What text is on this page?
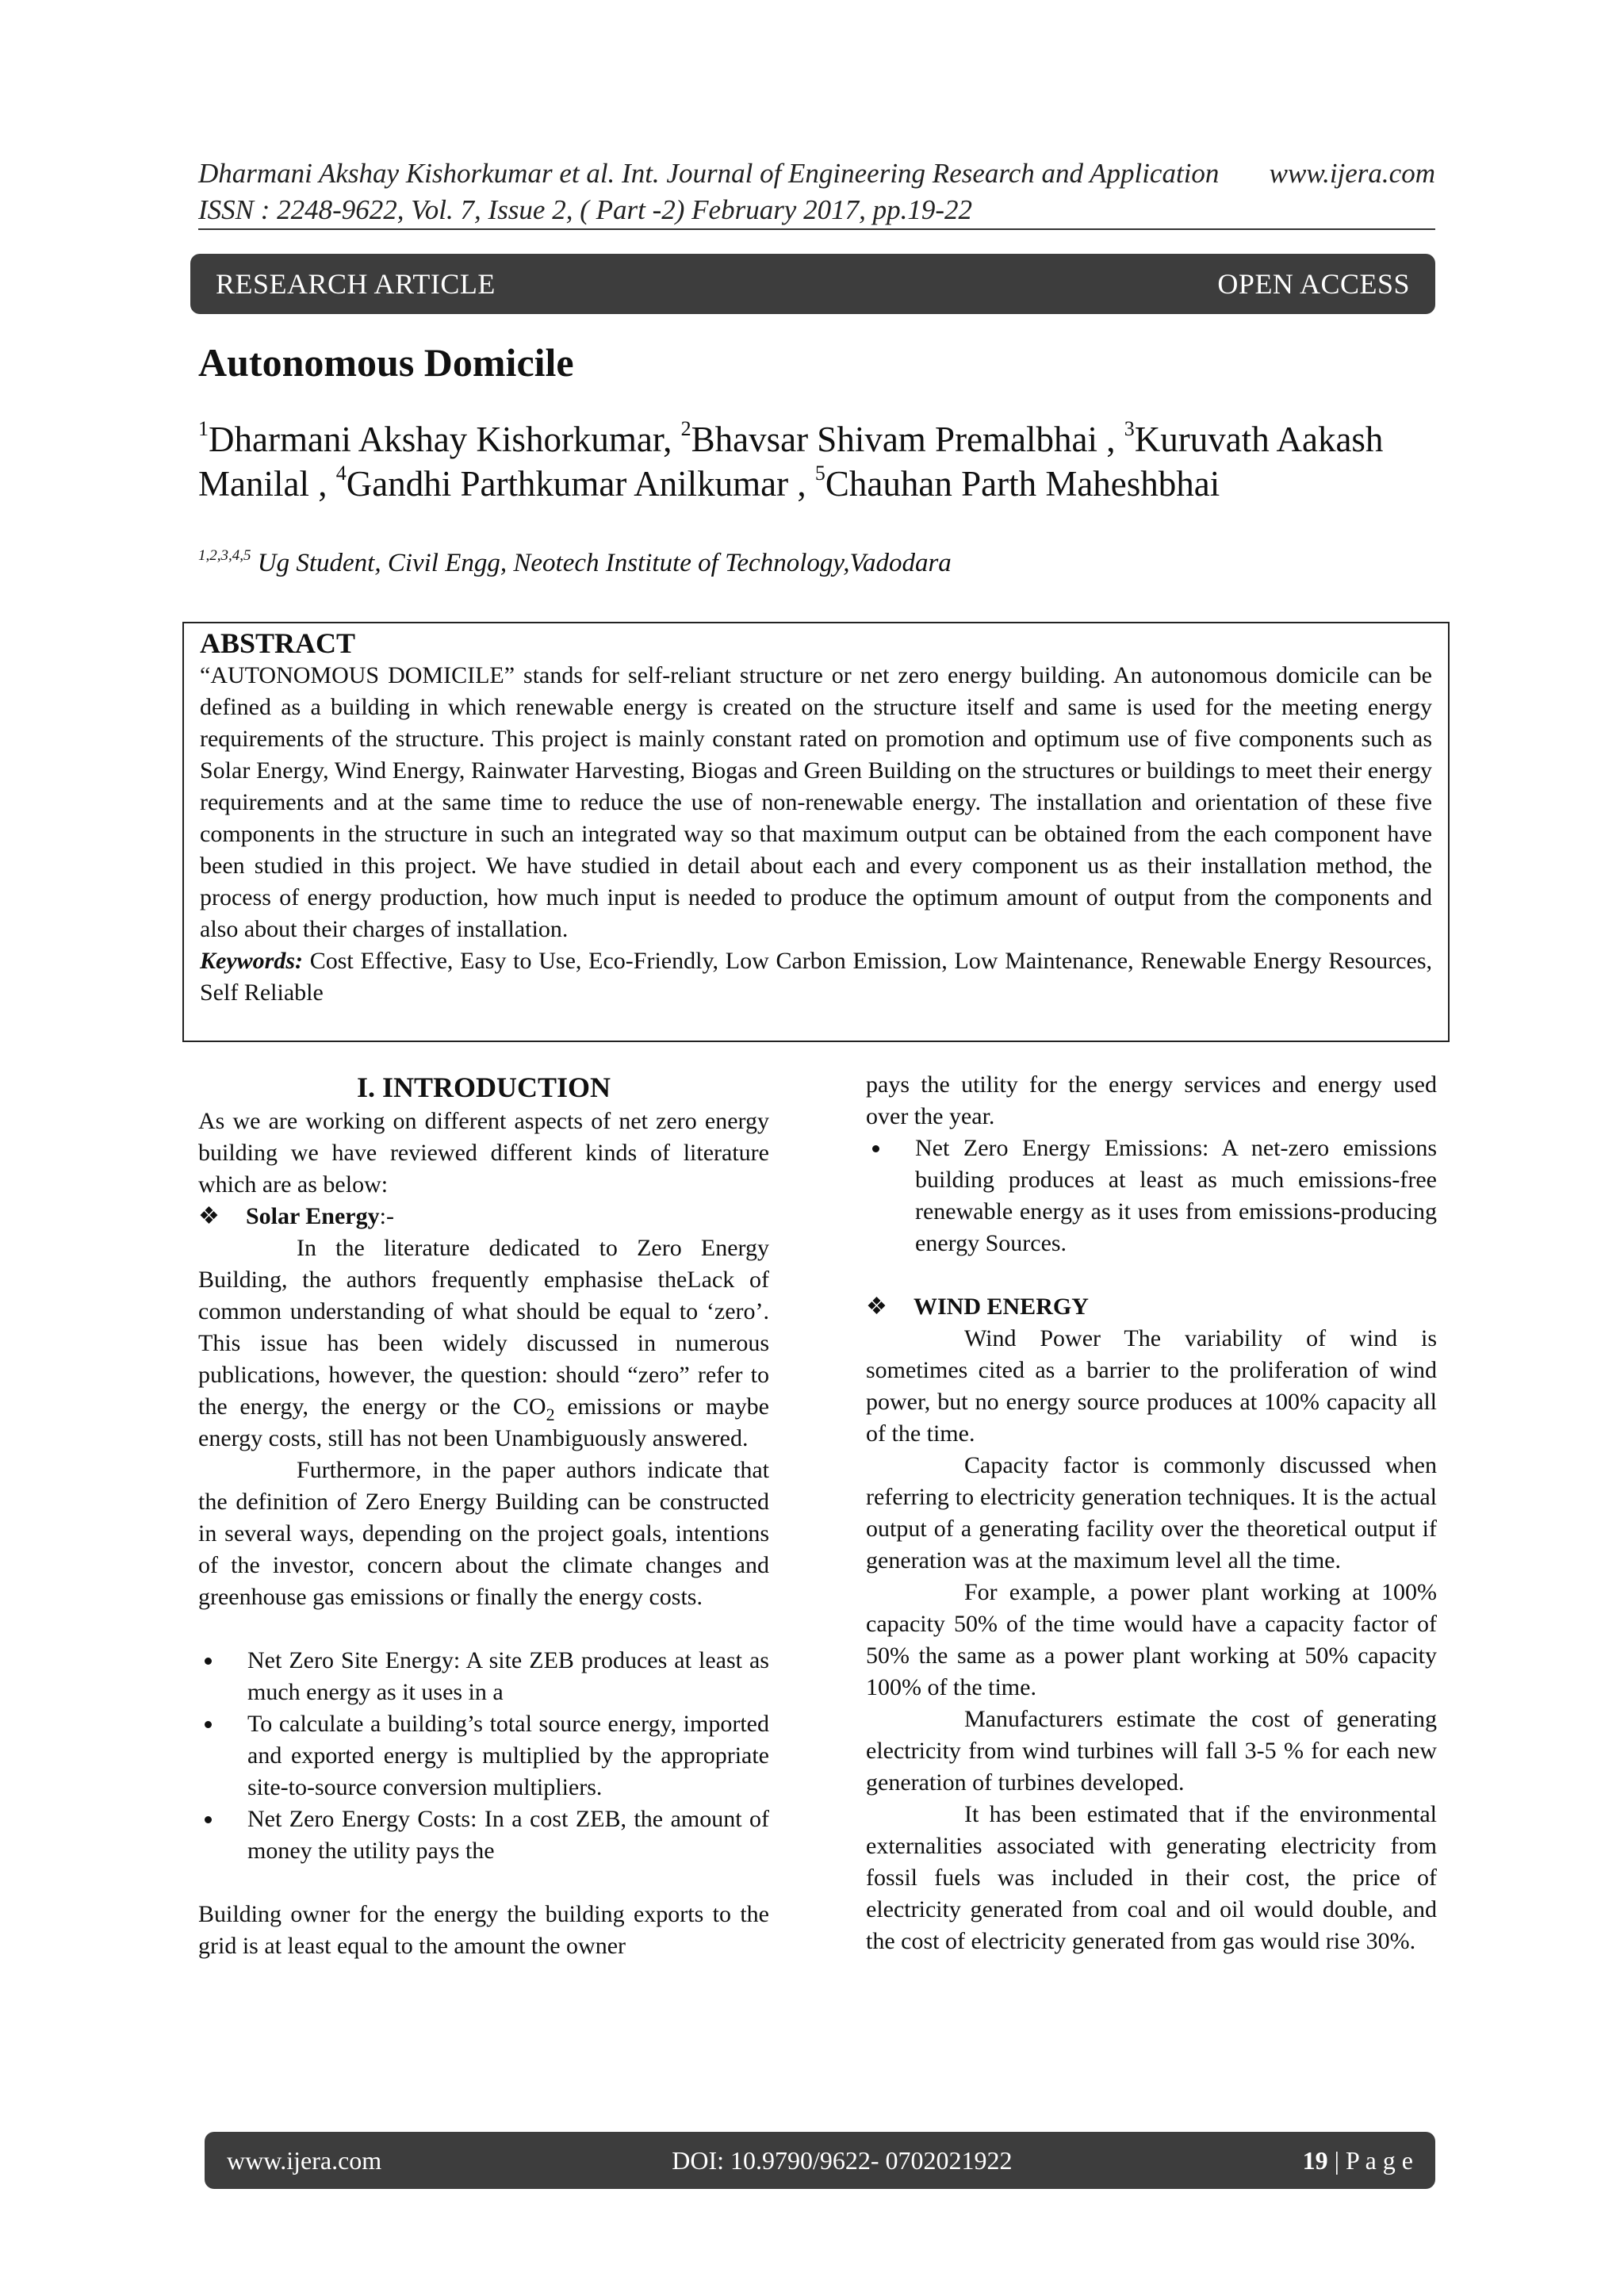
Dharmani Akshay Kishorkumar et al. Int. Journal of Engineering Research and Application www.ijera.com
ISSN : 2248-9622, Vol. 7, Issue 2, ( Part -2) February 2017, pp.19-22
RESEARCH ARTICLE	OPEN ACCESS
Autonomous Domicile
$^1$Dharmani Akshay Kishorkumar, $^2$Bhavsar Shivam Premalbhai , $^3$Kuruvath Aakash Manilal , $^4$Gandhi Parthkumar Anilkumar , $^5$Chauhan Parth Maheshbhai
$^{1,2,3,4,5}$ Ug Student, Civil Engg, Neotech Institute of Technology,Vadodara
ABSTRACT

“AUTONOMOUS DOMICILE” stands for self-reliant structure or net zero energy building. An autonomous domicile can be defined as a building in which renewable energy is created on the structure itself and same is used for the meeting energy requirements of the structure. This project is mainly constant rated on promotion and optimum use of five components such as Solar Energy, Wind Energy, Rainwater Harvesting, Biogas and Green Building on the structures or buildings to meet their energy requirements and at the same time to reduce the use of non-renewable energy. The installation and orientation of these five components in the structure in such an integrated way so that maximum output can be obtained from the each component have been studied in this project. We have studied in detail about each and every component us as their installation method, the process of energy production, how much input is needed to produce the optimum amount of output from the components and also about their charges of installation.

Keywords: Cost Effective, Easy to Use, Eco-Friendly, Low Carbon Emission, Low Maintenance, Renewable Energy Resources, Self Reliable

I. INTRODUCTION

As we are working on different aspects of net zero energy building we have reviewed different kinds of literature which are as below:

❖	Solar Energy :-

In the literature dedicated to Zero Energy Building, the authors frequently emphasise theLack of common understanding of what should be equal to ‘zero’. This issue has been widely discussed in numerous publications, however, the question: should “zero” refer to the energy, the energy or the $CO_2$ emissions or maybe energy costs, still has not been Unambiguously answered.

Furthermore, in the paper authors indicate that the definition of Zero Energy Building can be constructed in several ways, depending on the project goals, intentions of the investor, concern about the climate changes and greenhouse gas emissions or finally the energy costs.

Net Zero Site Energy: A site ZEB produces at least as much energy as it uses in a
To calculate a building’s total source energy, imported and exported energy is multiplied by the appropriate site-to-source conversion multipliers.
Net Zero Energy Costs: In a cost ZEB, the amount of money the utility pays the

Building owner for the energy the building exports to the grid is at least equal to the amount the owner

pays the utility for the energy services and energy used over the year.

Net Zero Energy Emissions: A net-zero emissions building produces at least as much emissions-free renewable energy as it uses from emissions-producing energy Sources.
❖	WIND ENERGY

Wind Power The variability of wind is sometimes cited as a barrier to the proliferation of wind power, but no energy source produces at 100% capacity all of the time.

Capacity factor is commonly discussed when referring to electricity generation techniques. It is the actual output of a generating facility over the theoretical output if generation was at the maximum level all the time.

For example, a power plant working at 100% capacity 50% of the time would have a capacity factor of 50% the same as a power plant working at 50% capacity 100% of the time.

Manufacturers estimate the cost of generating electricity from wind turbines will fall 3-5 % for each new generation of turbines developed.

It has been estimated that if the environmental externalities associated with generating electricity from fossil fuels was included in their cost, the price of electricity generated from coal and oil would double, and the cost of electricity generated from gas would rise 30%.

www.ijera.com	DOI: 10.9790/9622- 0702021922	19 | P a g e
